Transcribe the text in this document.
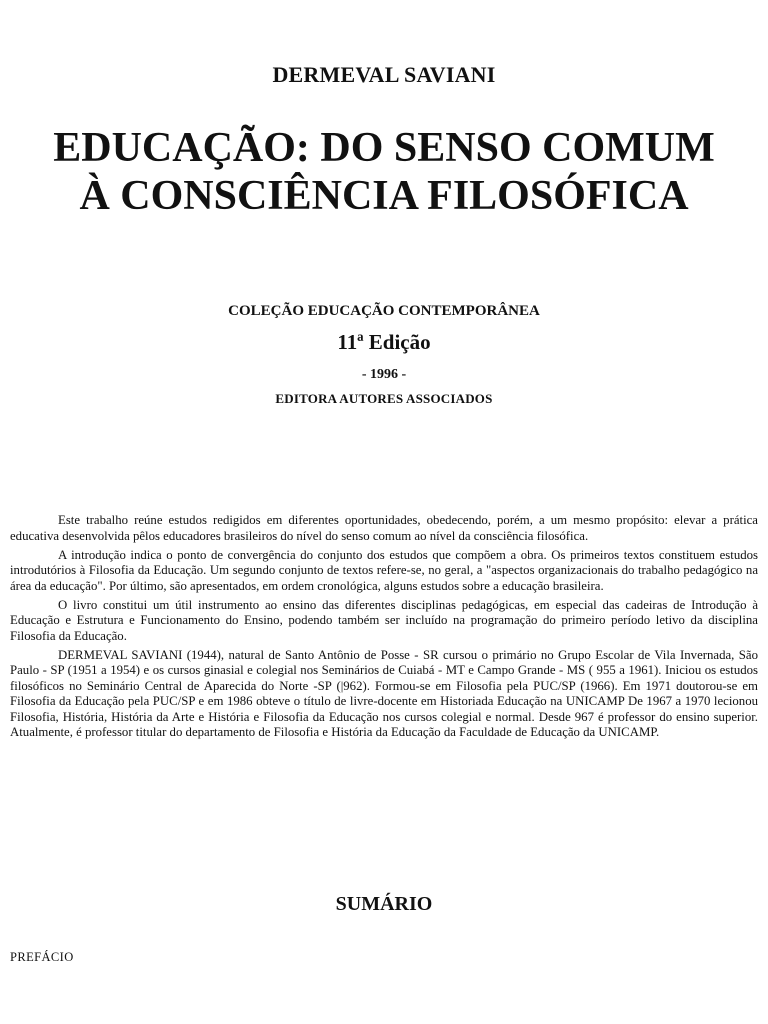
DERMEVAL SAVIANI
EDUCAÇÃO: DO SENSO COMUM
À CONSCIÊNCIA FILOSÓFICA
COLEÇÃO EDUCAÇÃO CONTEMPORÂNEA
11ª Edição
- 1996 -
EDITORA AUTORES ASSOCIADOS

Este trabalho reúne estudos redigidos em diferentes oportunidades, obedecendo, porém, a um mesmo propósito: elevar a prática educativa desenvolvida pêlos educadores brasileiros do nível do senso comum ao nível da consciência filosófica.

A introdução indica o ponto de convergência do conjunto dos estudos que compõem a obra. Os primeiros textos constituem estudos introdutórios à Filosofia da Educação. Um segundo conjunto de textos refere-se, no geral, a "aspectos organizacionais do trabalho pedagógico na área da educação". Por último, são apresentados, em ordem cronológica, alguns estudos sobre a educação brasileira.

O livro constitui um útil instrumento ao ensino das diferentes disciplinas pedagógicas, em especial das cadeiras de Introdução à Educação e Estrutura e Funcionamento do Ensino, podendo também ser incluído na programação do primeiro período letivo da disciplina Filosofia da Educação.

DERMEVAL SAVIANI (1944), natural de Santo Antônio de Posse - SR cursou o primário no Grupo Escolar de Vila Invernada, São Paulo - SP (1951 a 1954) e os cursos ginasial e colegial nos Seminários de Cuiabá - MT e Campo Grande - MS ( 955 a 1961). Iniciou os estudos filosóficos no Seminário Central de Aparecida do Norte -SP (|962). Formou-se em Filosofia pela PUC/SP (1966). Em 1971 doutorou-se em Filosofia da Educação pela PUC/SP e em 1986 obteve o título de livre-docente em Historiada Educação na UNICAMP De 1967 a 1970 lecionou Filosofia, História, História da Arte e História e Filosofia da Educação nos cursos colegial e normal. Desde 967 é professor do ensino superior. Atualmente, é professor titular do departamento de Filosofia e História da Educação da Faculdade de Educação da UNICAMP.

SUMÁRIO
PREFÁCIO
